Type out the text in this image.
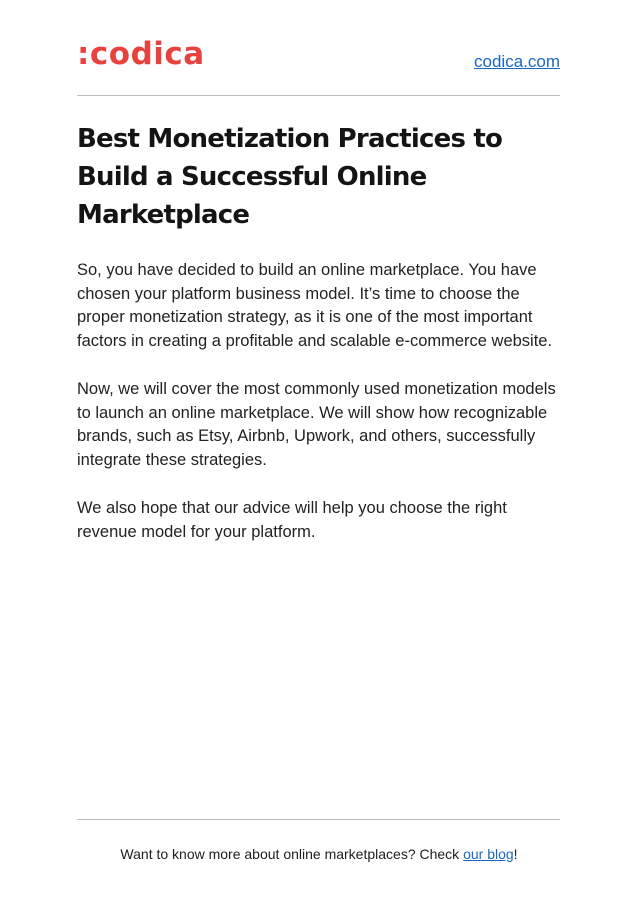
:codica	codica.com
Best Monetization Practices to Build a Successful Online Marketplace

So, you have decided to build an online marketplace. You have chosen your platform business model. It’s time to choose the proper monetization strategy, as it is one of the most important factors in creating a profitable and scalable e-commerce website.

Now, we will cover the most commonly used monetization models to launch an online marketplace. We will show how recognizable brands, such as Etsy, Airbnb, Upwork, and others, successfully integrate these strategies.

We also hope that our advice will help you choose the right revenue model for your platform.

Want to know more about online marketplaces? Check our blog!
